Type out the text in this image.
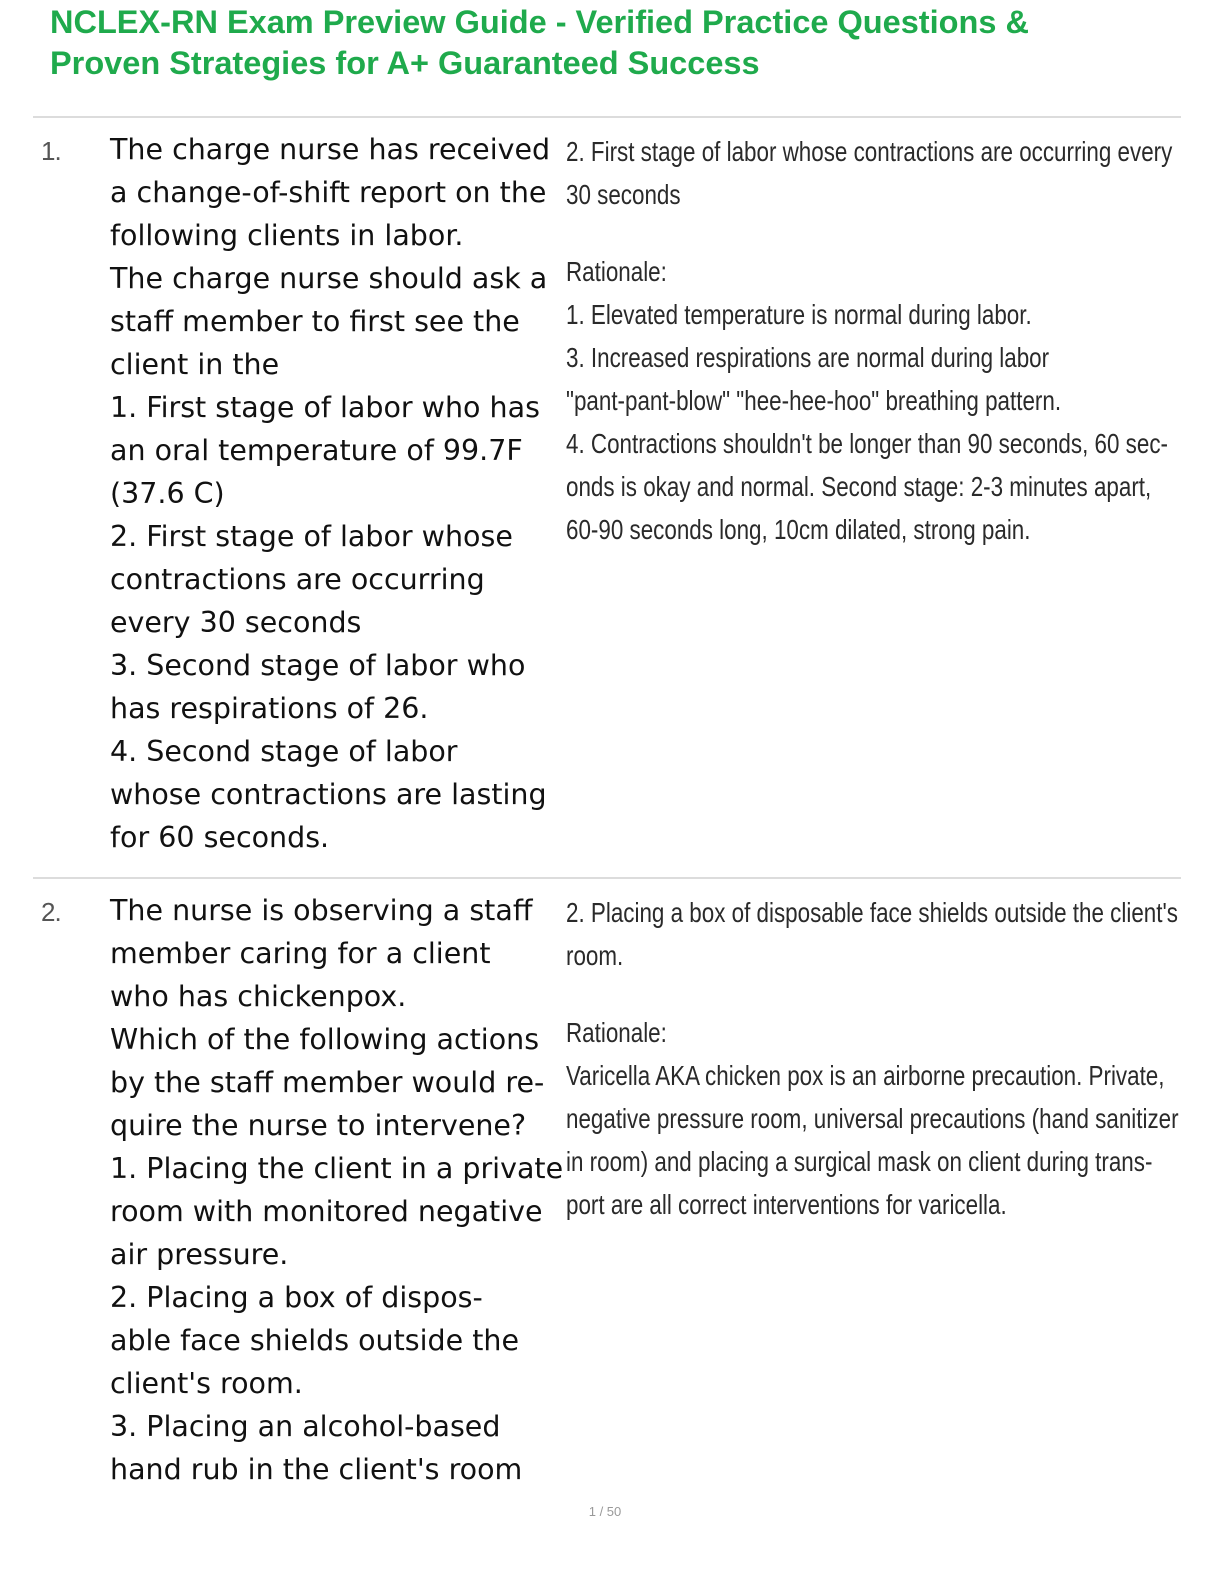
NCLEX-RN Exam Preview Guide - Verified Practice Questions &
Proven Strategies for A+ Guaranteed Success
1. The charge nurse has received
a change-of-shift report on the
following clients in labor.
The charge nurse should ask a
staff member to first see the
client in the
1. First stage of labor who has
an oral temperature of 99.7F
(37.6 C)
2. First stage of labor whose
contractions are occurring
every 30 seconds
3. Second stage of labor who
has respirations of 26.
4. Second stage of labor
whose contractions are lasting
for 60 seconds.
2. First stage of labor whose contractions are occurring every
30 seconds
Rationale:
1. Elevated temperature is normal during labor.
3. Increased respirations are normal during labor
"pant-pant-blow" "hee-hee-hoo" breathing pattern.
4. Contractions shouldn't be longer than 90 seconds, 60 sec-
onds is okay and normal. Second stage: 2-3 minutes apart,
60-90 seconds long, 10cm dilated, strong pain.
2. The nurse is observing a staff
member caring for a client
who has chickenpox.
Which of the following actions
by the staff member would re-
quire the nurse to intervene?
1. Placing the client in a private
room with monitored negative
air pressure.
2. Placing a box of dispos-
able face shields outside the
client's room.
3. Placing an alcohol-based
hand rub in the client's room
2. Placing a box of disposable face shields outside the client's
room.
Rationale:
Varicella AKA chicken pox is an airborne precaution. Private,
negative pressure room, universal precautions (hand sanitizer
in room) and placing a surgical mask on client during trans-
port are all correct interventions for varicella.
1 / 50
